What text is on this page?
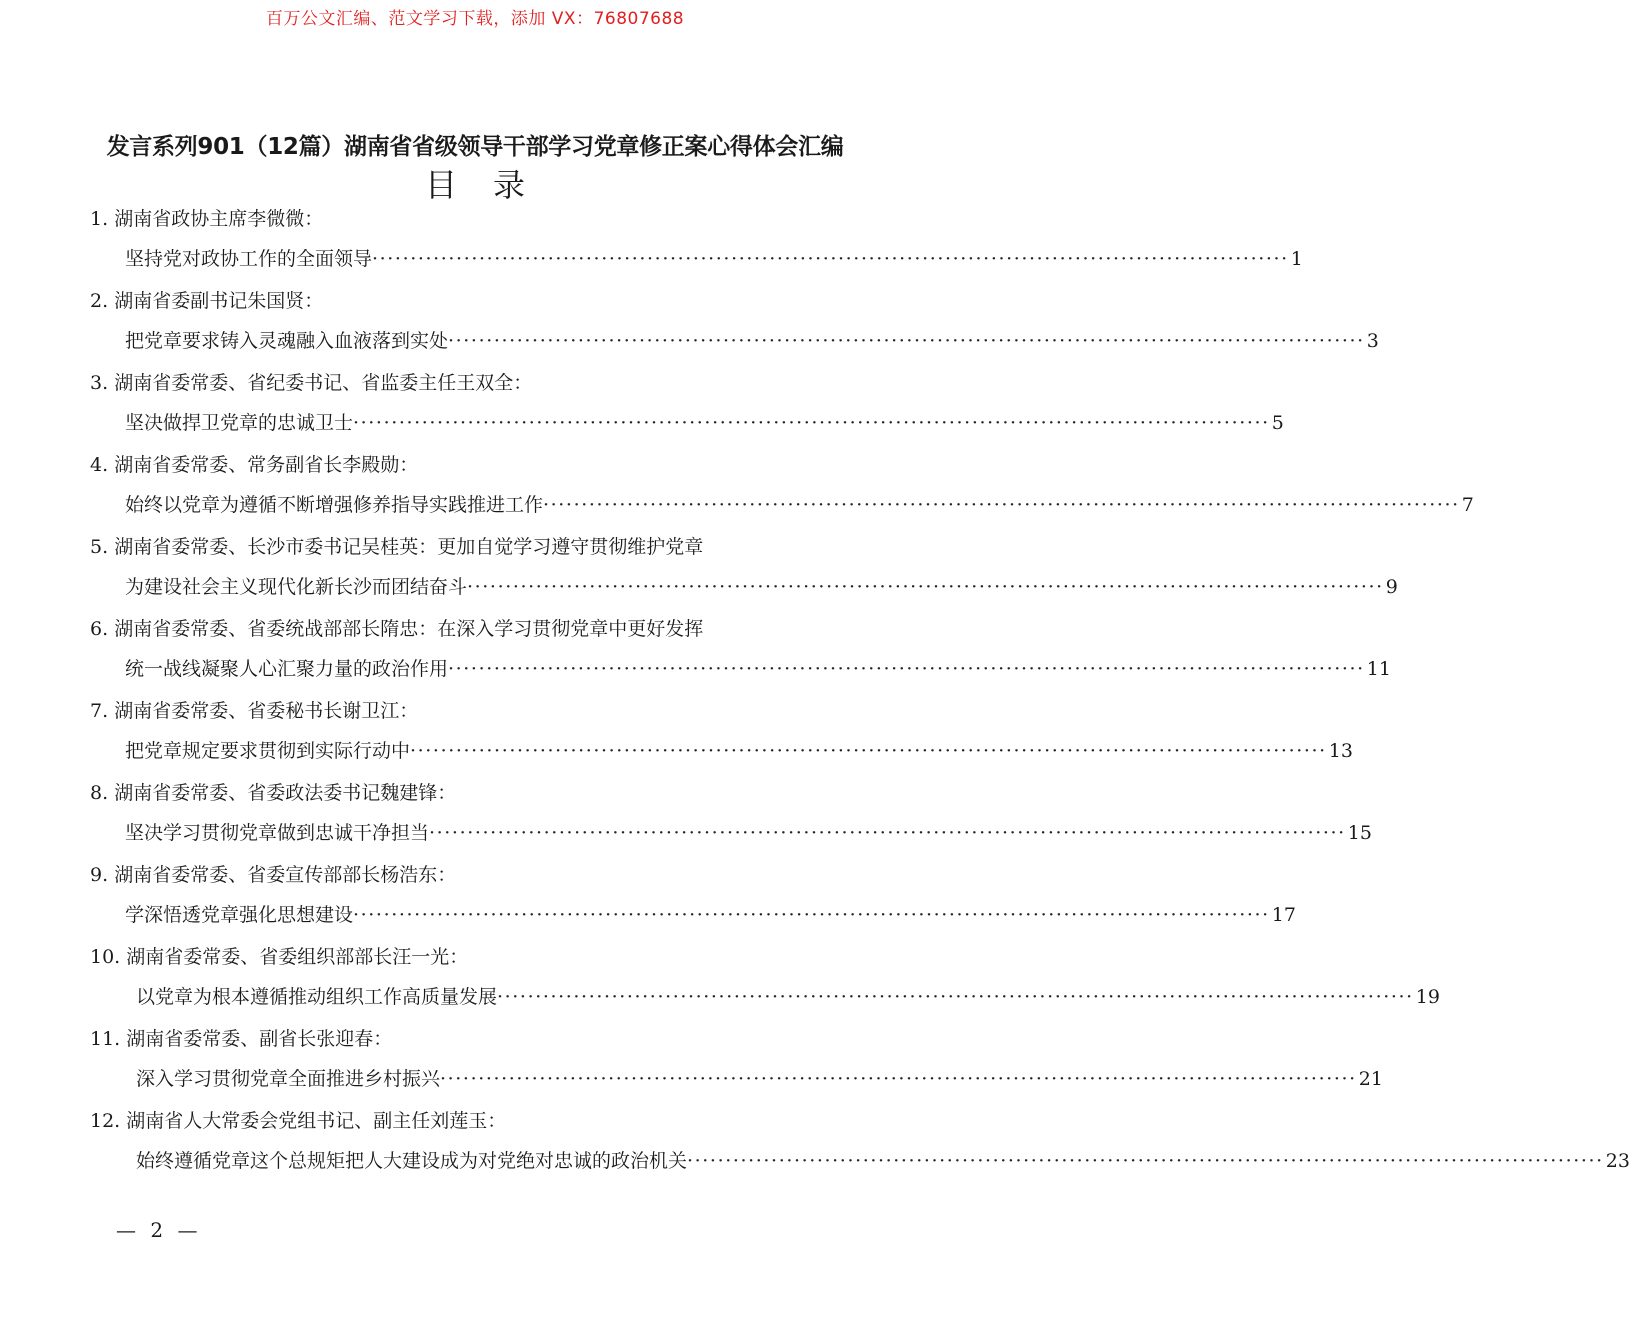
百万公文汇编、范文学习下载，添加 VX：76807688
发言系列901（12篇）湖南省省级领导干部学习党章修正案心得体会汇编
目录
1. 湖南省政协主席李微微：
坚持党对政协工作的全面领导 ························································································································ 1
2. 湖南省委副书记朱国贤：
把党章要求铸入灵魂融入血液落到实处 ························································································································ 3
3. 湖南省委常委、省纪委书记、省监委主任王双全：
坚决做捍卫党章的忠诚卫士 ························································································································ 5
4. 湖南省委常委、常务副省长李殿勋：
始终以党章为遵循不断增强修养指导实践推进工作 ························································································································ 7
5. 湖南省委常委、长沙市委书记吴桂英：更加自觉学习遵守贯彻维护党章
为建设社会主义现代化新长沙而团结奋斗 ························································································································ 9
6. 湖南省委常委、省委统战部部长隋忠：在深入学习贯彻党章中更好发挥
统一战线凝聚人心汇聚力量的政治作用 ························································································································ 11
7. 湖南省委常委、省委秘书长谢卫江：
把党章规定要求贯彻到实际行动中 ························································································································ 13
8. 湖南省委常委、省委政法委书记魏建锋：
坚决学习贯彻党章做到忠诚干净担当 ························································································································ 15
9. 湖南省委常委、省委宣传部部长杨浩东：
学深悟透党章强化思想建设 ························································································································ 17
10. 湖南省委常委、省委组织部部长汪一光：
以党章为根本遵循推动组织工作高质量发展 ························································································································ 19
11. 湖南省委常委、副省长张迎春：
深入学习贯彻党章全面推进乡村振兴 ························································································································ 21
12. 湖南省人大常委会党组书记、副主任刘莲玉：
始终遵循党章这个总规矩把人大建设成为对党绝对忠诚的政治机关 ························································································································ 23
— 2 —
